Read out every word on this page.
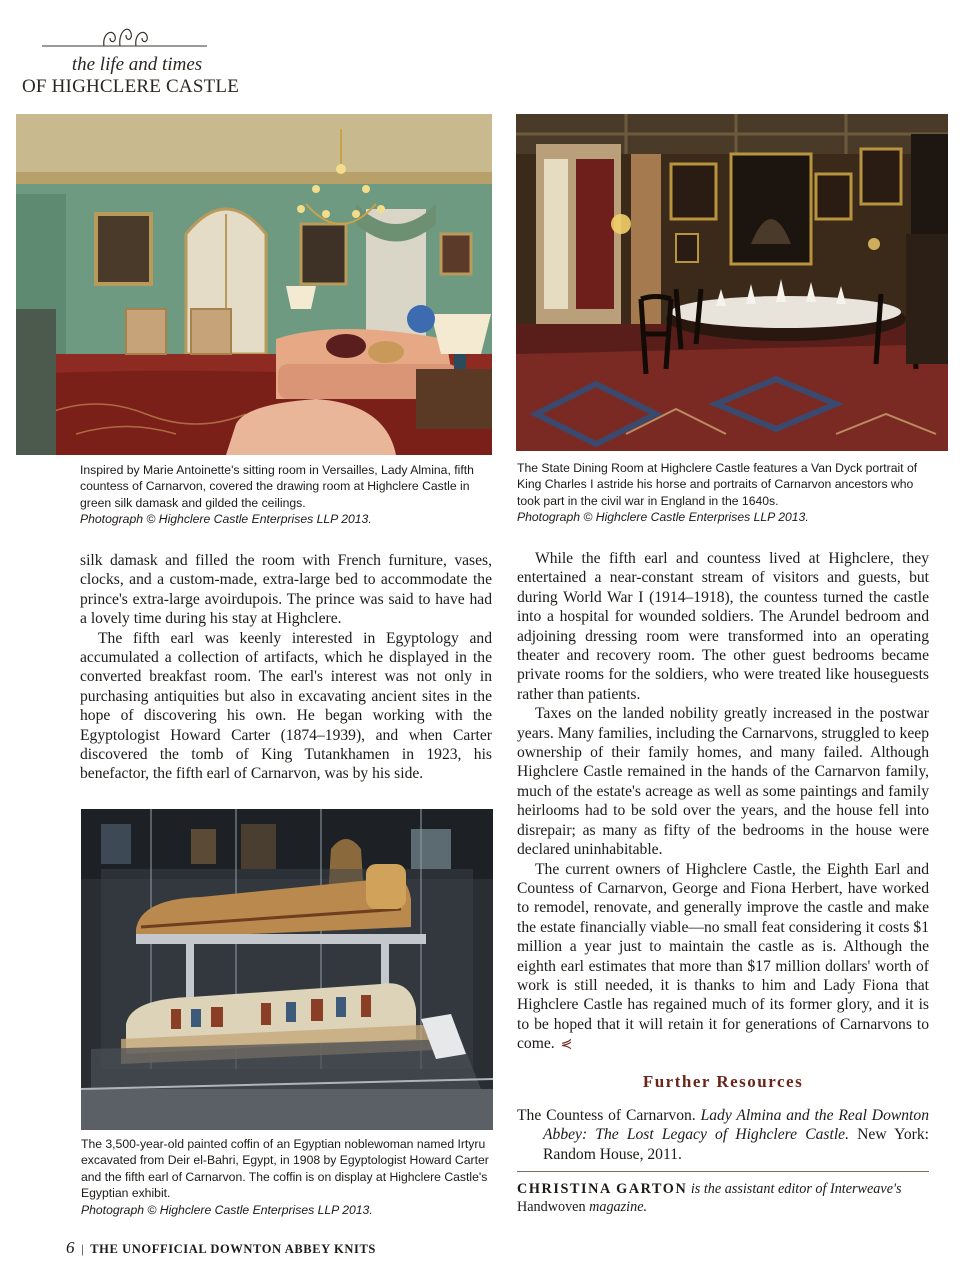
the life and times
OF HIGHCLERE CASTLE
Inspired by Marie Antoinette's sitting room in Versailles, Lady Almina, fifth countess of Carnarvon, covered the drawing room at Highclere Castle in green silk damask and gilded the ceilings.
Photograph © Highclere Castle Enterprises LLP 2013.
The State Dining Room at Highclere Castle features a Van Dyck portrait of King Charles I astride his horse and portraits of Carnarvon ancestors who took part in the civil war in England in the 1640s.
Photograph © Highclere Castle Enterprises LLP 2013.

silk damask and filled the room with French furniture, vases, clocks, and a custom-made, extra-large bed to accommodate the prince's extra-large avoirdupois. The prince was said to have had a lovely time during his stay at Highclere.

The fifth earl was keenly interested in Egyptology and accumulated a collection of artifacts, which he displayed in the converted breakfast room. The earl's interest was not only in purchasing antiquities but also in excavating ancient sites in the hope of discovering his own. He began working with the Egyptologist Howard Carter (1874–1939), and when Carter discovered the tomb of King Tutankhamen in 1923, his benefactor, the fifth earl of Carnarvon, was by his side.

The 3,500-year-old painted coffin of an Egyptian noblewoman named Irtyru excavated from Deir el-Bahri, Egypt, in 1908 by Egyptologist Howard Carter and the fifth earl of Carnarvon. The coffin is on display at Highclere Castle's Egyptian exhibit.
Photograph © Highclere Castle Enterprises LLP 2013.

While the fifth earl and countess lived at Highclere, they entertained a near-constant stream of visitors and guests, but during World War I (1914–1918), the countess turned the castle into a hospital for wounded soldiers. The Arundel bedroom and adjoining dressing room were transformed into an operating theater and recovery room. The other guest bedrooms became private rooms for the soldiers, who were treated like houseguests rather than patients.

Taxes on the landed nobility greatly increased in the postwar years. Many families, including the Carnarvons, struggled to keep ownership of their family homes, and many failed. Although Highclere Castle remained in the hands of the Carnarvon family, much of the estate's acreage as well as some paintings and family heirlooms had to be sold over the years, and the house fell into disrepair; as many as fifty of the bedrooms in the house were declared uninhabitable.

The current owners of Highclere Castle, the Eighth Earl and Countess of Carnarvon, George and Fiona Herbert, have worked to remodel, renovate, and generally improve the castle and make the estate financially viable—no small feat considering it costs $1 million a year just to maintain the castle as is. Although the eighth earl estimates that more than $17 million dollars' worth of work is still needed, it is thanks to him and Lady Fiona that Highclere Castle has regained much of its former glory, and it is to be hoped that it will retain it for generations of Carnarvons to come. ⋞

Further Resources
The Countess of Carnarvon. Lady Almina and the Real Downton Abbey: The Lost Legacy of Highclere Castle. New York: Random House, 2011.
CHRISTINA GARTON is the assistant editor of Interweave's Handwoven magazine.
6 | THE UNOFFICIAL DOWNTON ABBEY KNITS
